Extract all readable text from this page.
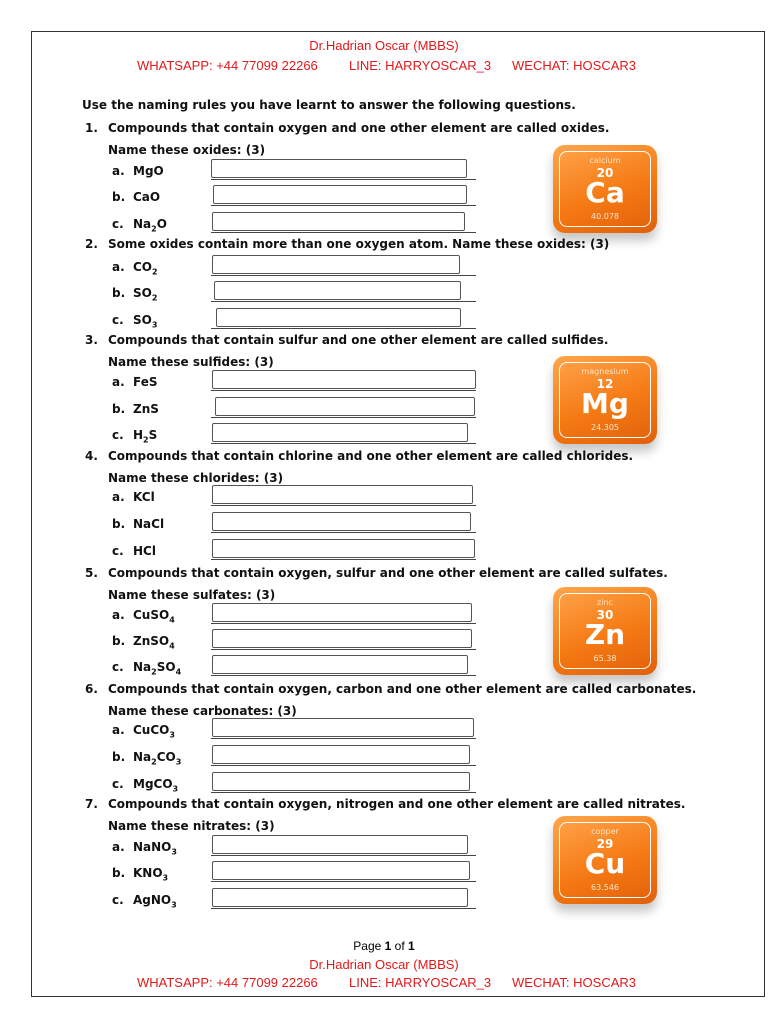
Dr.Hadrian Oscar (MBBS)
WHATSAPP: +44 77099 22266 LINE: HARRYOSCAR_3 WECHAT: HOSCAR3
Use the naming rules you have learnt to answer the following questions.
1. Compounds that contain oxygen and one other element are called oxides.
Name these oxides: (3)
a. MgO
b. CaO
c. $Na_2O$
2. Some oxides contain more than one oxygen atom. Name these oxides: (3)
a. $CO_2$
b. $SO_2$
c. $SO_3$
3. Compounds that contain sulfur and one other element are called sulfides.
Name these sulfides: (3)
a. FeS
b. ZnS
c. $H_2S$
4. Compounds that contain chlorine and one other element are called chlorides.
Name these chlorides: (3)
a. KCl
b. NaCl
c. HCl
5. Compounds that contain oxygen, sulfur and one other element are called sulfates.
Name these sulfates: (3)
a. CuSO$_4$
b. ZnSO$_4$
c. $Na_2SO_4$
6. Compounds that contain oxygen, carbon and one other element are called carbonates.
Name these carbonates: (3)
a. CuCO$_3$
b. $Na_2CO_3$
c. MgCO$_3$
7. Compounds that contain oxygen, nitrogen and one other element are called nitrates.
Name these nitrates: (3)
a. NaNO$_3$
b. $KNO_3$
c. AgNO$_3$
calcium
20
Ca
40.078
magnesium
12
Mg
24.305
zinc
30
Zn
65.38
copper
29
Cu
63.546
Page 1 of 1
Dr.Hadrian Oscar (MBBS)
WHATSAPP: +44 77099 22266 LINE: HARRYOSCAR_3 WECHAT: HOSCAR3
